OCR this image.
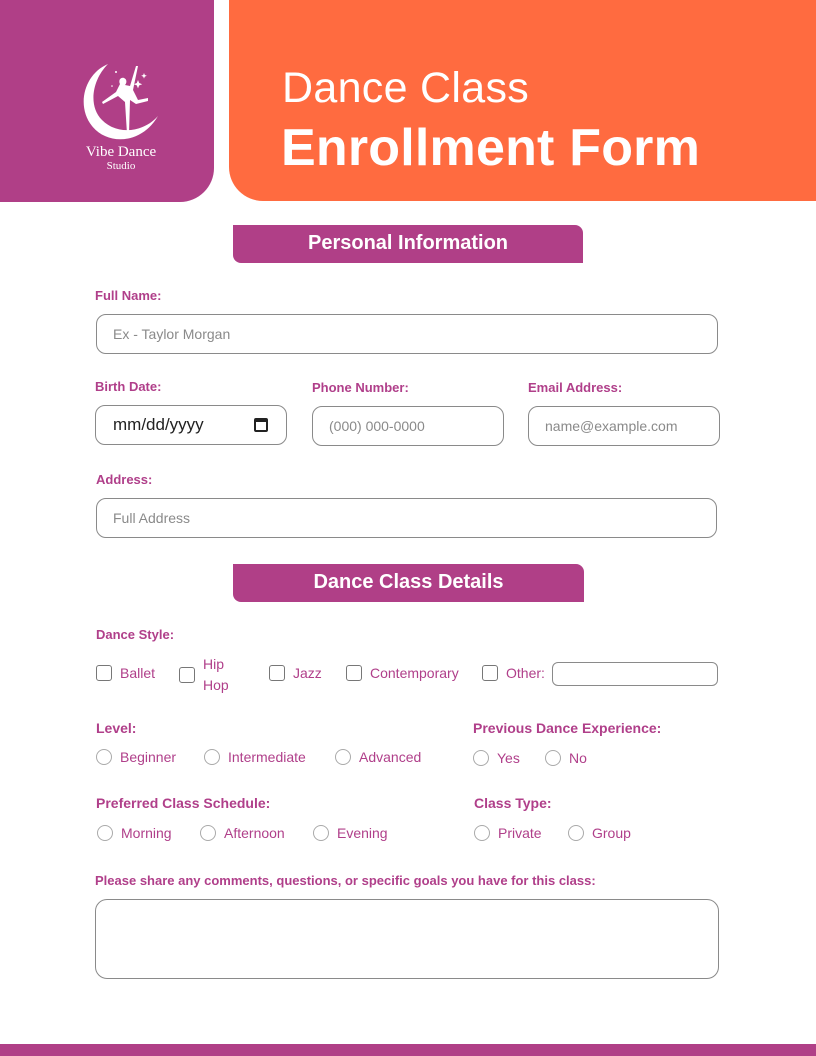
Vibe Dance
Studio
Dance Class
Enrollment Form
Personal Information
Full Name:
Ex - Taylor Morgan
Birth Date:
mm/dd/yyyy
Phone Number:
(000) 000-0000
Email Address:
name@example.com
Address:
Full Address
Dance Class Details
Dance Style:
Ballet
Hip
Hop
Jazz	Contemporary	Other:
Level:
Beginner	Intermediate	Advanced
Previous Dance Experience:
Yes	No
Preferred Class Schedule:
Morning	Afternoon	Evening
Class Type:
Private	Group
Please share any comments, questions, or specific goals you have for this class:
